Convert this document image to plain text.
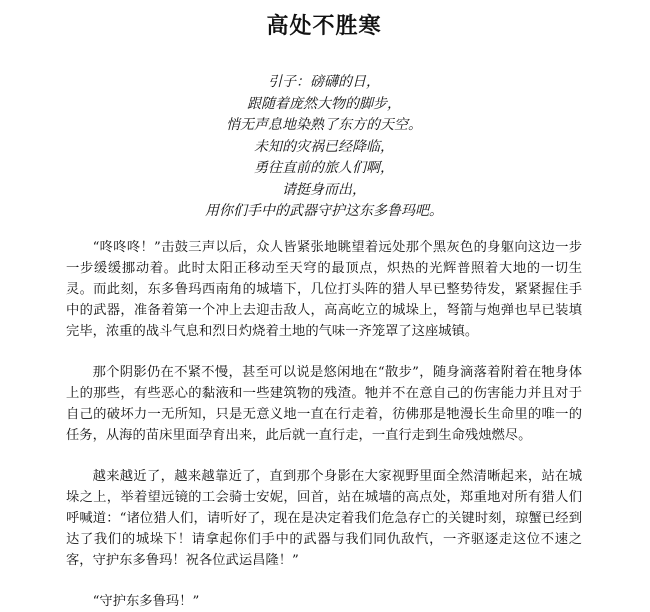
高处不胜寒
引子：磅礴的日，
跟随着庞然大物的脚步，
悄无声息地染熟了东方的天空。
未知的灾祸已经降临，
勇往直前的旅人们啊，
请挺身而出，
用你们手中的武器守护这东多鲁玛吧。

“咚咚咚！”击鼓三声以后，众人皆紧张地眺望着远处那个黑灰色的身躯向这边一步一步缓缓挪动着。此时太阳正移动至天穹的最顶点，炽热的光辉普照着大地的一切生灵。而此刻，东多鲁玛西南角的城墙下，几位打头阵的猎人早已整势待发，紧紧握住手中的武器，准备着第一个冲上去迎击敌人，高高屹立的城垛上，弩箭与炮弹也早已装填完毕，浓重的战斗气息和烈日灼烧着土地的气味一齐笼罩了这座城镇。

那个阴影仍在不紧不慢，甚至可以说是悠闲地在“散步”，随身滴落着附着在牠身体上的那些，有些恶心的黏液和一些建筑物的残渣。牠并不在意自己的伤害能力并且对于自己的破坏力一无所知，只是无意义地一直在行走着，彷佛那是牠漫长生命里的唯一的任务，从海的苗床里面孕育出来，此后就一直行走，一直行走到生命残烛燃尽。

越来越近了，越来越靠近了，直到那个身影在大家视野里面全然清晰起来，站在城垛之上，举着望远镜的工会骑士安妮，回首，站在城墙的高点处，郑重地对所有猎人们呼喊道：“诸位猎人们，请听好了，现在是决定着我们危急存亡的关键时刻，琼蟹已经到达了我们的城垛下！请拿起你们手中的武器与我们同仇敌忾，一齐驱逐走这位不速之客，守护东多鲁玛！祝各位武运昌隆！”

“守护东多鲁玛！”
